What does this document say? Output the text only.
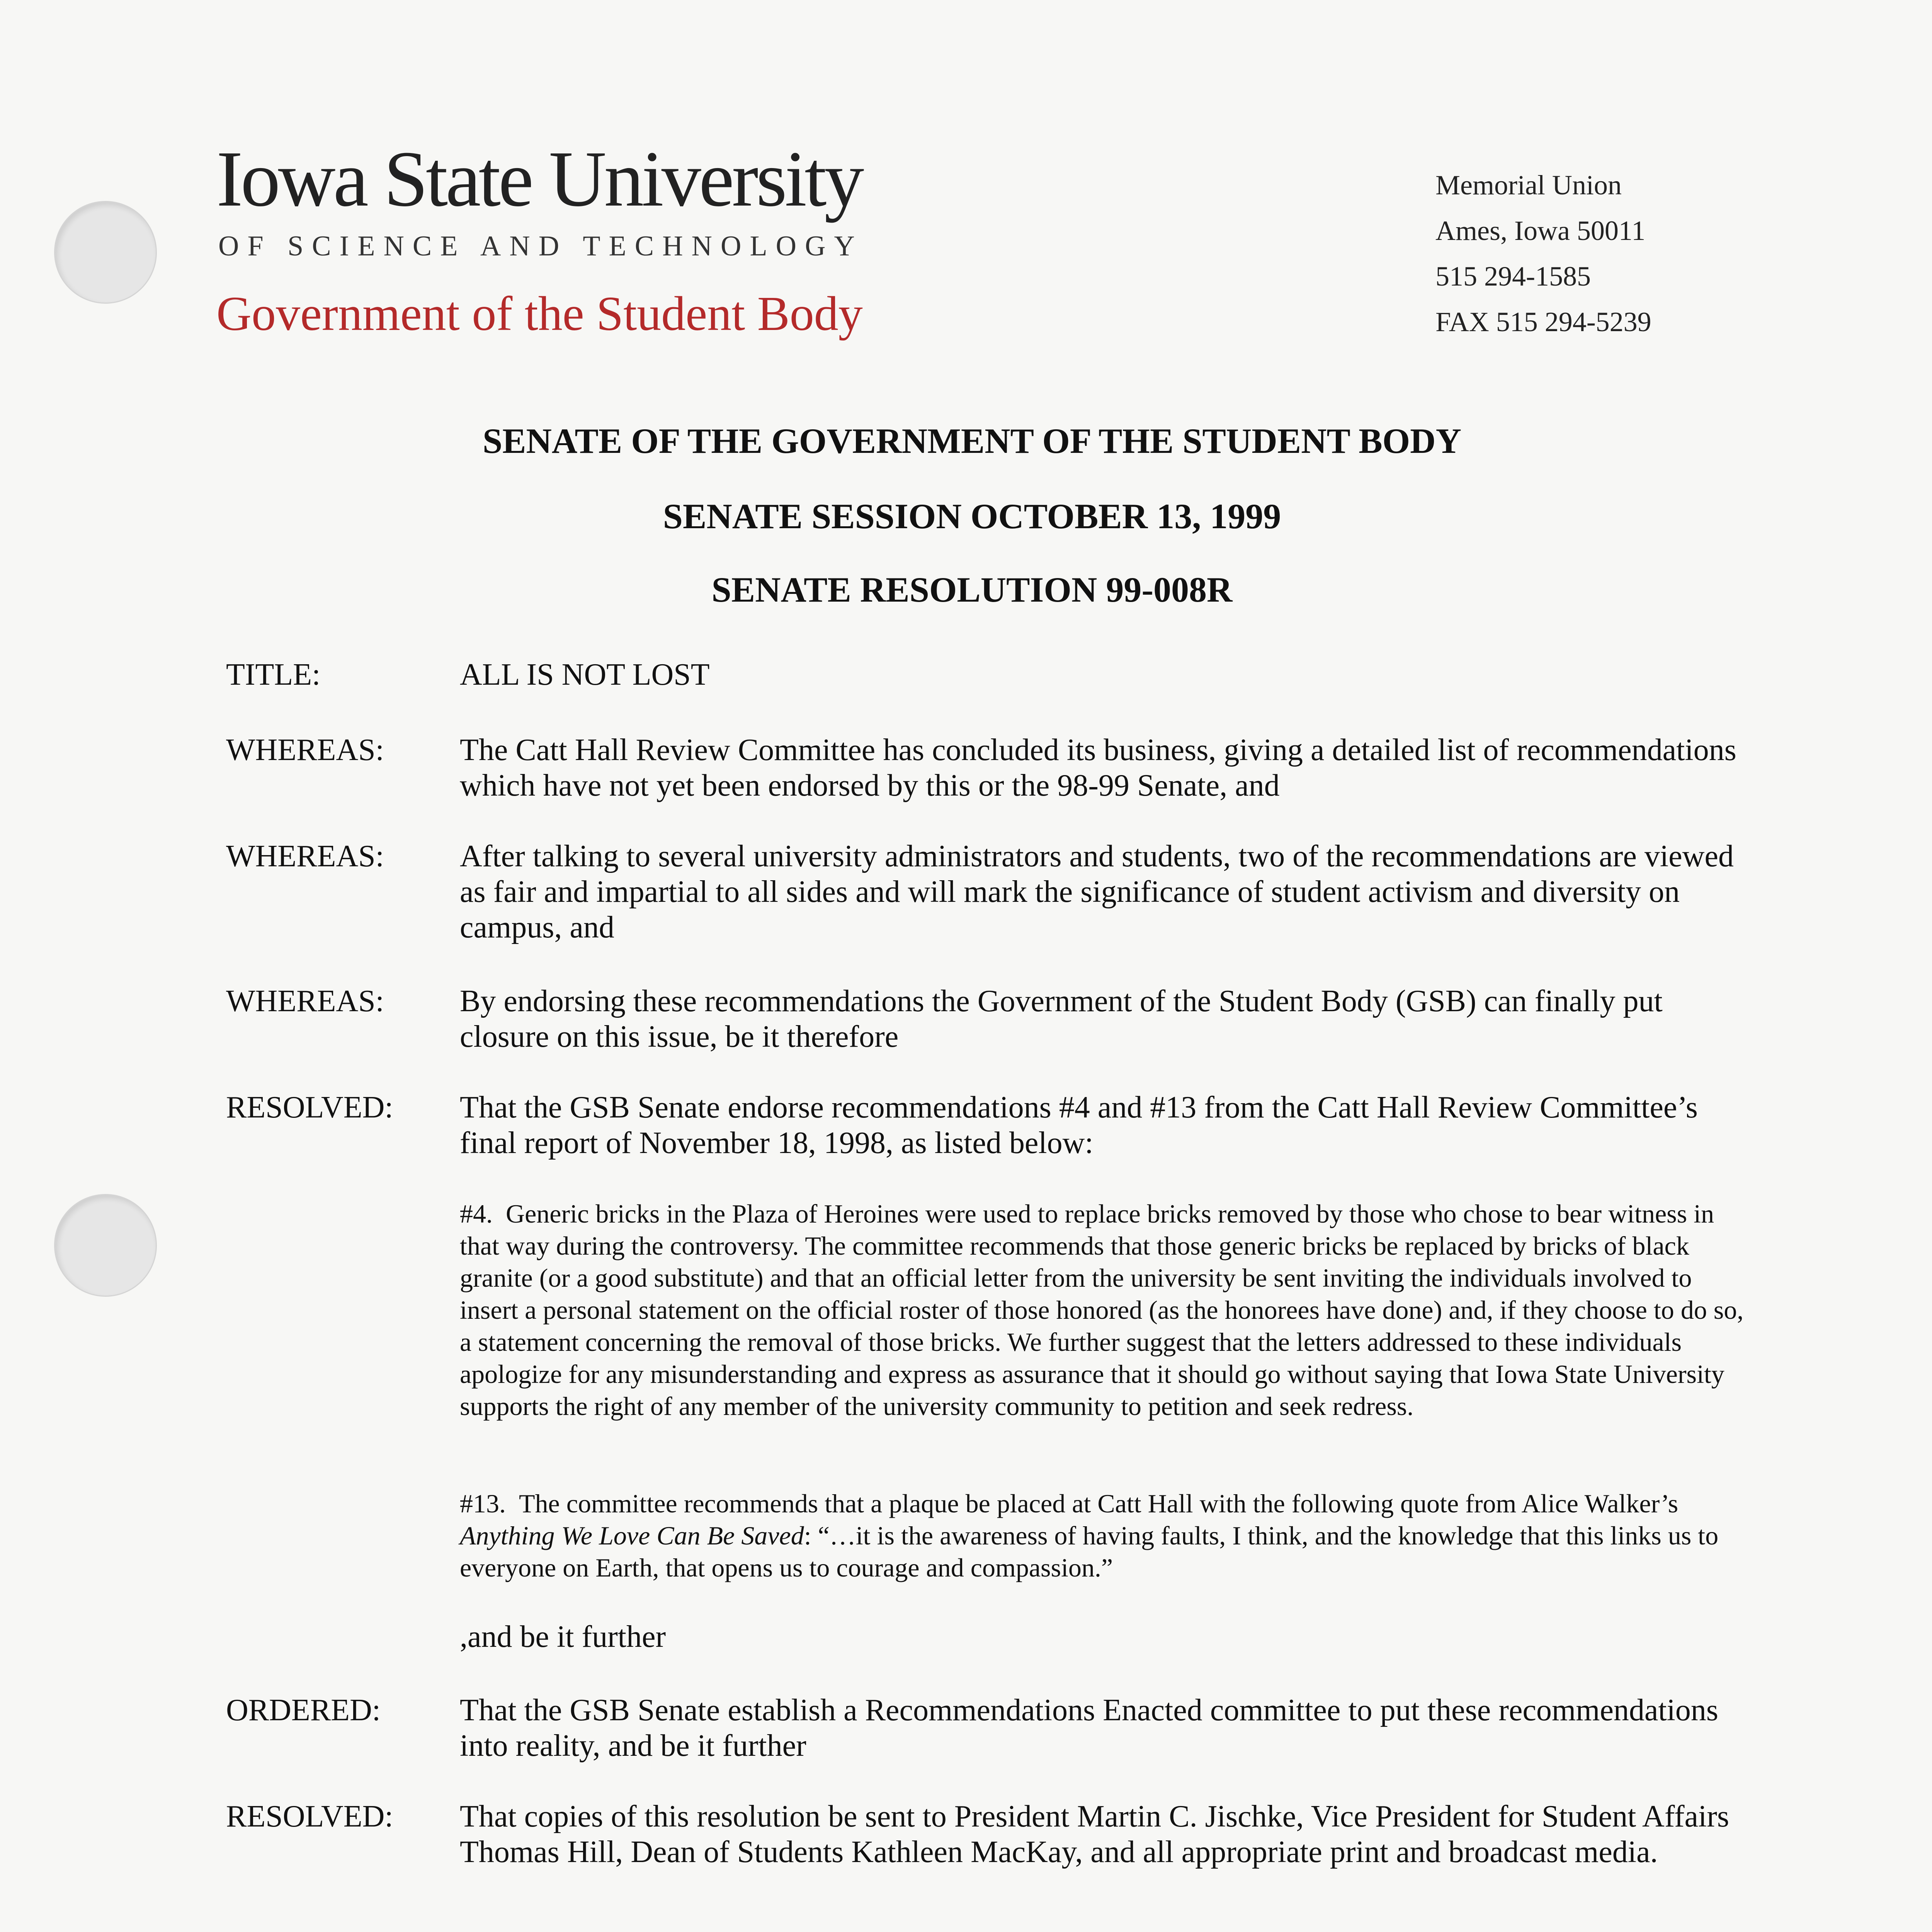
Iowa State University
OF SCIENCE AND TECHNOLOGY
Government of the Student Body
Memorial Union
Ames, Iowa 50011
515 294-1585
FAX 515 294-5239
SENATE OF THE GOVERNMENT OF THE STUDENT BODY
SENATE SESSION OCTOBER 13, 1999
SENATE RESOLUTION 99-008R
TITLE:	ALL IS NOT LOST
WHEREAS: The Catt Hall Review Committee has concluded its business, giving a detailed list of recommendations which have not yet been endorsed by this or the 98-99 Senate, and
WHEREAS: After talking to several university administrators and students, two of the recommendations are viewed as fair and impartial to all sides and will mark the significance of student activism and diversity on campus, and
WHEREAS: By endorsing these recommendations the Government of the Student Body (GSB) can finally put closure on this issue, be it therefore
RESOLVED: That the GSB Senate endorse recommendations #4 and #13 from the Catt Hall Review Committee’s final report of November 18, 1998, as listed below:
#4. Generic bricks in the Plaza of Heroines were used to replace bricks removed by those who chose to bear witness in that way during the controversy. The committee recommends that those generic bricks be replaced by bricks of black granite (or a good substitute) and that an official letter from the university be sent inviting the individuals involved to insert a personal statement on the official roster of those honored (as the honorees have done) and, if they choose to do so, a statement concerning the removal of those bricks. We further suggest that the letters addressed to these individuals apologize for any misunderstanding and express as assurance that it should go without saying that Iowa State University supports the right of any member of the university community to petition and seek redress.
#13. The committee recommends that a plaque be placed at Catt Hall with the following quote from Alice Walker’s Anything We Love Can Be Saved: “…it is the awareness of having faults, I think, and the knowledge that this links us to everyone on Earth, that opens us to courage and compassion.”
,and be it further
ORDERED:	That the GSB Senate establish a Recommendations Enacted committee to put these recommendations into reality, and be it further
RESOLVED: That copies of this resolution be sent to President Martin C. Jischke, Vice President for Student Affairs Thomas Hill, Dean of Students Kathleen MacKay, and all appropriate print and broadcast media.
